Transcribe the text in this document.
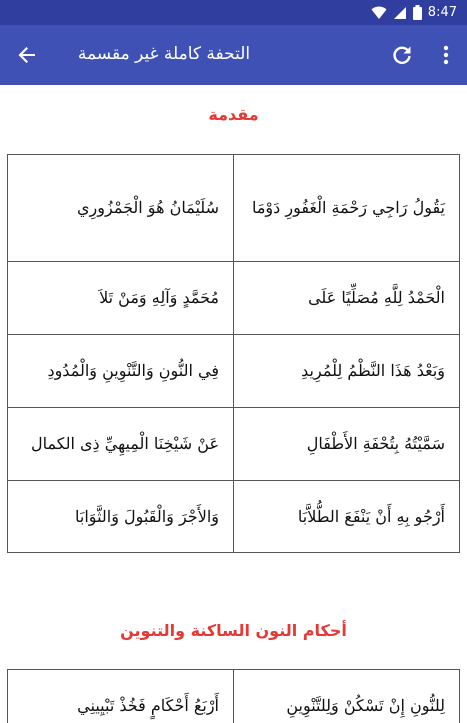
8:47
التحفة كاملة غير مقسمة
مقدمة
يَقُولُ رَاجِي رَحْمَةِ الْغَفُورِ دَوْمَا	سُلَيْمَانُ هُوَ الْجَمْزُورِي
الْحَمْدُ لِلَّهِ مُصَلِّيًا عَلَى	مُحَمَّدٍ وَآلِهِ وَمَنْ تَلاَ
وَبَعْدُ هَذَا النَّظْمُ لِلْمُرِيدِ	فِي النُّونِ وَالتَّنْوِينِ وَالْمُدُودِ
سَمَّيْتُهُ بِتُحْفَةِ الأَطْفَالِ	عَنْ شَيْخِنَا الْمِيهِيِّ ذِى الكمال
أَرْجُو بِهِ أَنْ يَنْفَعَ الطُّلاَّبَا	وَالأَجْرَ وَالْقَبُولَ وَالثَّوَابَا
أحكام النون الساكنة والتنوين
لِلنُّونِ إِنْ تَسْكُنْ وَلِلتَّنْوِينِ	أَرْبَعُ أَحْكَامٍ فَخُذْ تَبْيِينِي
